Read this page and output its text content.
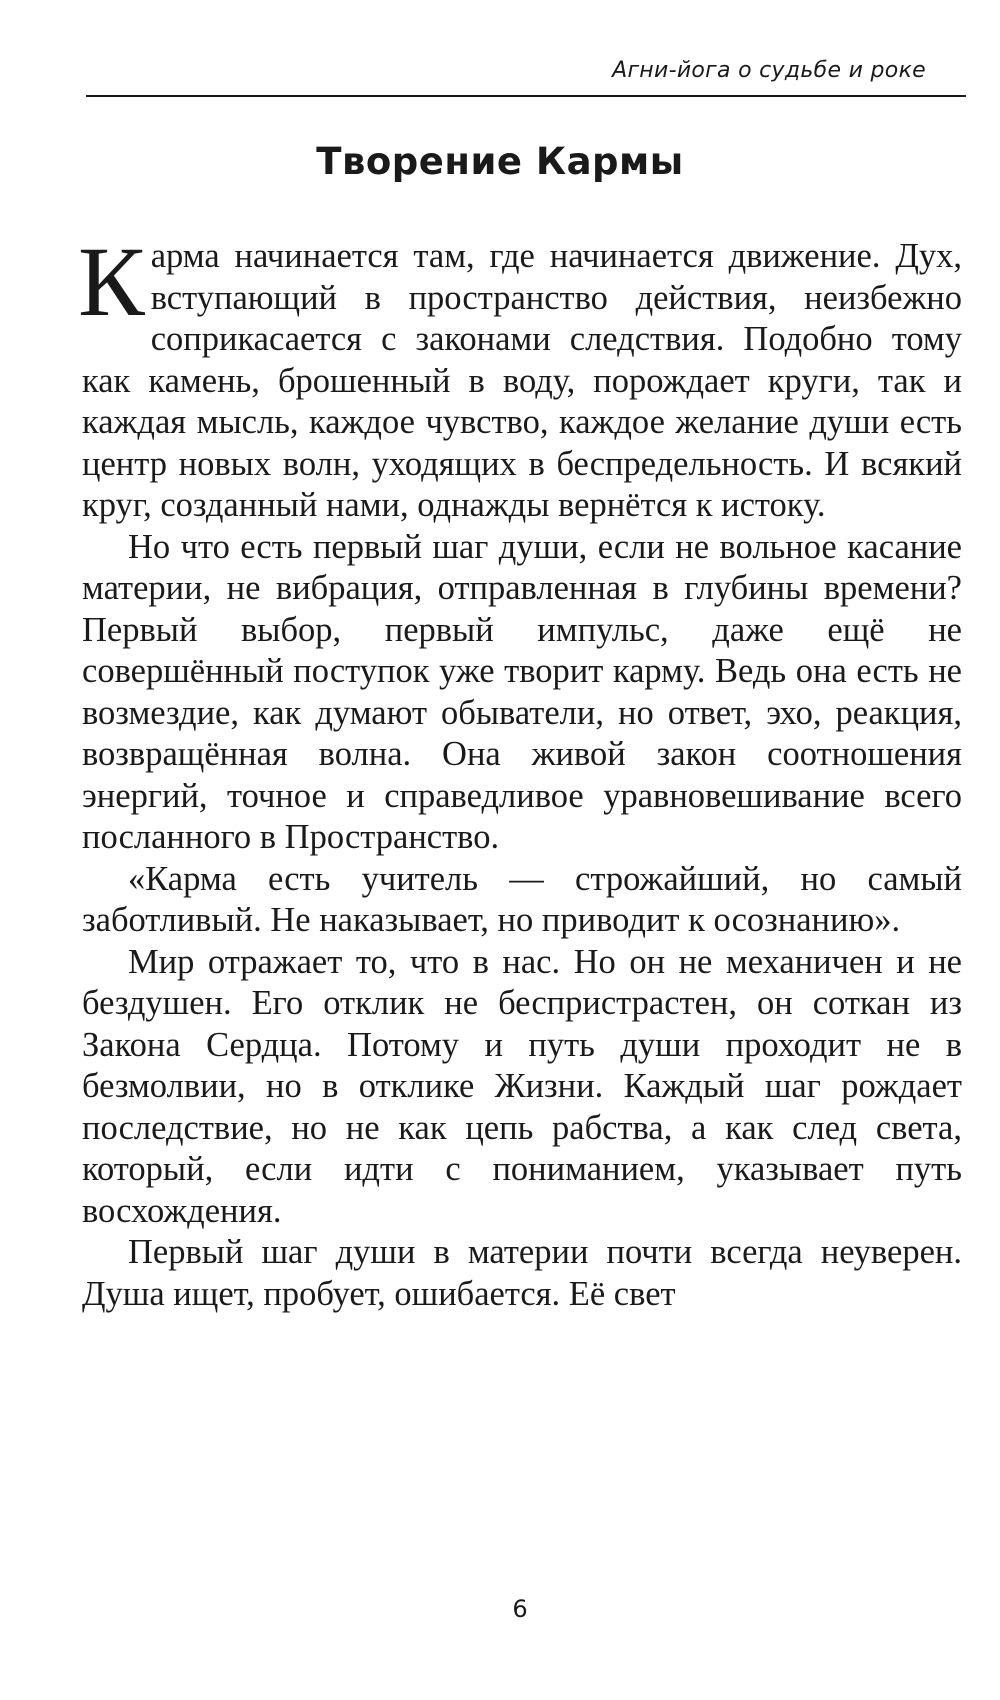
Агни-йога о судьбе и роке
Творение Кармы

Карма начинается там, где начинается движение. Дух, вступающий в пространство действия, неизбежно соприкасается с законами следствия. Подобно тому как камень, брошенный в воду, порождает круги, так и каждая мысль, каждое чувство, каждое желание души есть центр новых волн, уходящих в беспредельность. И всякий круг, созданный нами, однажды вернётся к истоку.

Но что есть первый шаг души, если не вольное касание материи, не вибрация, отправленная в глубины времени? Первый выбор, первый импульс, даже ещё не совершённый поступок уже творит карму. Ведь она есть не возмездие, как думают обыватели, но ответ, эхо, реакция, возвращённая волна. Она живой закон соотношения энергий, точное и справедливое уравновешивание всего посланного в Пространство.

«Карма есть учитель — строжайший, но самый заботливый. Не наказывает, но приводит к осознанию».

Мир отражает то, что в нас. Но он не механичен и не бездушен. Его отклик не беспристрастен, он соткан из Закона Сердца. Потому и путь души проходит не в безмолвии, но в отклике Жизни. Каждый шаг рождает последствие, но не как цепь рабства, а как след света, который, если идти с пониманием, указывает путь восхождения.

Первый шаг души в материи почти всегда неуверен. Душа ищет, пробует, ошибается. Её свет

6
